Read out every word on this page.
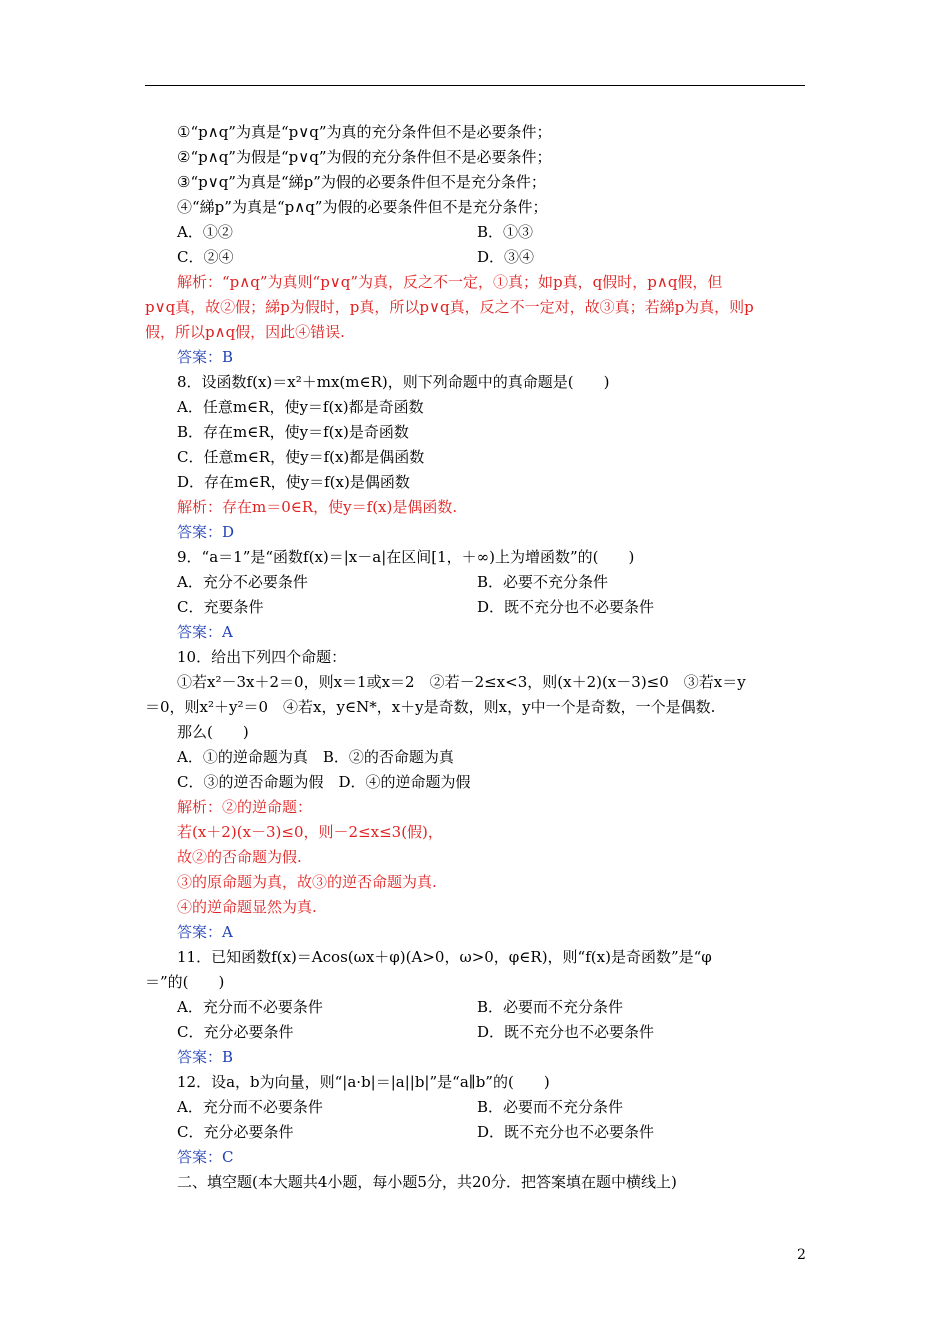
①“p∧q”为真是“p∨q”为真的充分条件但不是必要条件；
②“p∧q”为假是“p∨q”为假的充分条件但不是必要条件；
③“p∨q”为真是“綈p”为假的必要条件但不是充分条件；
④“綈p”为真是“p∧q”为假的必要条件但不是充分条件；
A．①②	B．①③
C．②④	D．③④
解析：“p∧q”为真则“p∨q”为真，反之不一定，①真；如p真，q假时，p∧q假，但
p∨q真，故②假；綈p为假时，p真，所以p∨q真，反之不一定对，故③真；若綈p为真，则p
假，所以p∧q假，因此④错误.
答案：B
8．设函数f(x)＝x²＋mx(m∈R)，则下列命题中的真命题是(　　)
A．任意m∈R，使y＝f(x)都是奇函数
B．存在m∈R，使y＝f(x)是奇函数
C．任意m∈R，使y＝f(x)都是偶函数
D．存在m∈R，使y＝f(x)是偶函数
解析：存在m＝0∈R，使y＝f(x)是偶函数.
答案：D
9．“a＝1”是“函数f(x)＝|x－a|在区间[1，＋∞)上为增函数”的(　　)
A．充分不必要条件	B．必要不充分条件
C．充要条件	D．既不充分也不必要条件
答案：A
10．给出下列四个命题：
①若x²－3x＋2＝0，则x＝1或x＝2　②若－2≤x<3，则(x＋2)(x－3)≤0　③若x＝y
＝0，则x²＋y²＝0　④若x，y∈N*，x＋y是奇数，则x，y中一个是奇数，一个是偶数.
那么(　　)
A．①的逆命题为真　B．②的否命题为真
C．③的逆否命题为假　D．④的逆命题为假
解析：②的逆命题：
若(x＋2)(x－3)≤0，则－2≤x≤3(假)，
故②的否命题为假.
③的原命题为真，故③的逆否命题为真.
④的逆命题显然为真.
答案：A
11．已知函数f(x)＝Acos(ωx＋φ)(A>0，ω>0，φ∈R)，则“f(x)是奇函数”是“φ
＝”的(　　)
A．充分而不必要条件	B．必要而不充分条件
C．充分必要条件	D．既不充分也不必要条件
答案：B
12．设a，b为向量，则“|a·b|＝|a||b|”是“a∥b”的(　　)
A．充分而不必要条件	B．必要而不充分条件
C．充分必要条件	D．既不充分也不必要条件
答案：C
二、填空题(本大题共4小题，每小题5分，共20分．把答案填在题中横线上)
2
